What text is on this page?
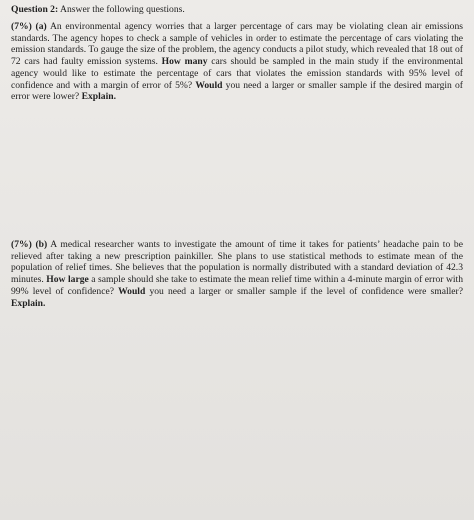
Question 2: Answer the following questions.

(7%) (a) An environmental agency worries that a larger percentage of cars may be violating clean air emissions standards. The agency hopes to check a sample of vehicles in order to estimate the percentage of cars violating the emission standards. To gauge the size of the problem, the agency conducts a pilot study, which revealed that 18 out of 72 cars had faulty emission systems. How many cars should be sampled in the main study if the environmental agency would like to estimate the percentage of cars that violates the emission standards with 95% level of confidence and with a margin of error of 5%? Would you need a larger or smaller sample if the desired margin of error were lower? Explain.

(7%) (b) A medical researcher wants to investigate the amount of time it takes for patients’ headache pain to be relieved after taking a new prescription painkiller. She plans to use statistical methods to estimate mean of the population of relief times. She believes that the population is normally distributed with a standard deviation of 42.3 minutes. How large a sample should she take to estimate the mean relief time within a 4-minute margin of error with 99% level of confidence? Would you need a larger or smaller sample if the level of confidence were smaller? Explain.
